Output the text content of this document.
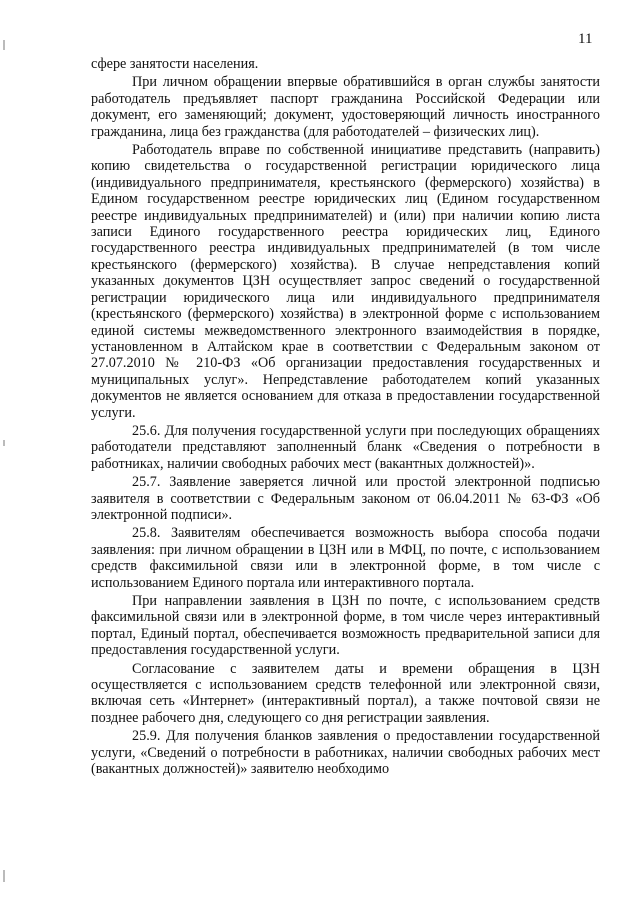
11

сфере занятости населения.

При личном обращении впервые обратившийся в орган службы занятости работодатель предъявляет паспорт гражданина Российской Федерации или документ, его заменяющий; документ, удостоверяющий личность иностранного гражданина, лица без гражданства (для работодателей – физических лиц).

Работодатель вправе по собственной инициативе представить (направить) копию свидетельства о государственной регистрации юридического лица (индивидуального предпринимателя, крестьянского (фермерского) хозяйства) в Едином государственном реестре юридических лиц (Едином государственном реестре индивидуальных предпринимателей) и (или) при наличии копию листа записи Единого государственного реестра юридических лиц, Единого государственного реестра индивидуальных предпринимателей (в том числе крестьянского (фермерского) хозяйства). В случае непредставления копий указанных документов ЦЗН осуществляет запрос сведений о государственной регистрации юридического лица или индивидуального предпринимателя (крестьянского (фермерского) хозяйства) в электронной форме с использованием единой системы межведомственного электронного взаимодействия в порядке, установленном в Алтайском крае в соответствии с Федеральным законом от 27.07.2010 № 210-ФЗ «Об организации предоставления государственных и муниципальных услуг». Непредставление работодателем копий указанных документов не является основанием для отказа в предоставлении государственной услуги.

25.6. Для получения государственной услуги при последующих обращениях работодатели представляют заполненный бланк «Сведения о потребности в работниках, наличии свободных рабочих мест (вакантных должностей)».

25.7. Заявление заверяется личной или простой электронной подписью заявителя в соответствии с Федеральным законом от 06.04.2011 № 63-ФЗ «Об электронной подписи».

25.8. Заявителям обеспечивается возможность выбора способа подачи заявления: при личном обращении в ЦЗН или в МФЦ, по почте, с использованием средств факсимильной связи или в электронной форме, в том числе с использованием Единого портала или интерактивного портала.

При направлении заявления в ЦЗН по почте, с использованием средств факсимильной связи или в электронной форме, в том числе через интерактивный портал, Единый портал, обеспечивается возможность предварительной записи для предоставления государственной услуги.

Согласование с заявителем даты и времени обращения в ЦЗН осуществляется с использованием средств телефонной или электронной связи, включая сеть «Интернет» (интерактивный портал), а также почтовой связи не позднее рабочего дня, следующего со дня регистрации заявления.

25.9. Для получения бланков заявления о предоставлении государственной услуги, «Сведений о потребности в работниках, наличии свободных рабочих мест (вакантных должностей)» заявителю необходимо
